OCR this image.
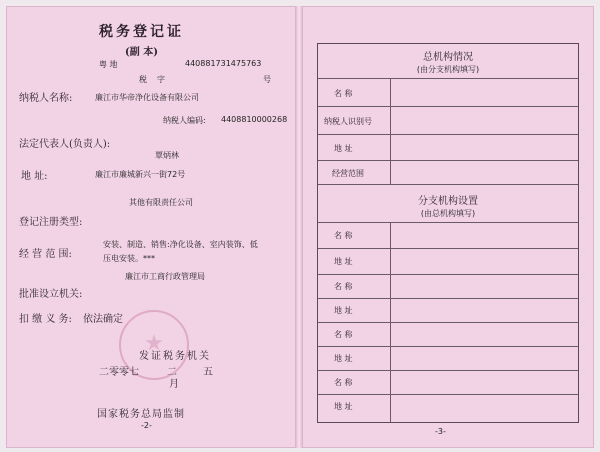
税务登记证
(副 本)
粤 地	440881731475763
税 字	号
纳税人名称:	廉江市华帝净化设备有限公司
纳税人编码: 4408810000268
法定代表人(负责人):
覃炳林
地 址:	廉江市廉城新兴一街72号
其他有限责任公司
登记注册类型:
经 营 范 围:
安装、制造、销售:净化设备、室内装饰、低
压电安装。***
廉江市工商行政管理局
批准设立机关:
扣 缴 义 务: 依法确定
发证税务机关
二零零七	二	五
月
国家税务总局监制
-2-
总机构情况
(由分支机构填写)
名 称
纳税人识别号
地 址
经营范围
分支机构设置
(由总机构填写)
名 称
地 址
名 称
地 址
名 称
地 址
名 称
地 址
-3-
